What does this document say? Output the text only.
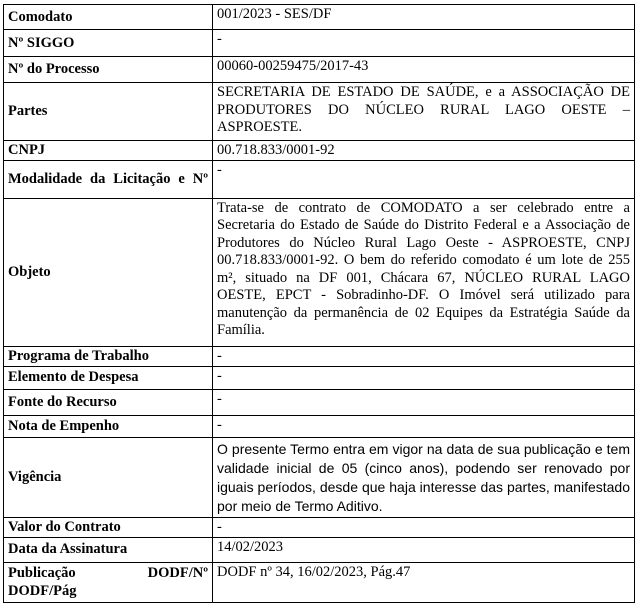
Comodato	001/2023 - SES/DF
Nº SIGGO	-
Nº do Processo	00060-00259475/2017-43
Partes	SECRETARIA DE ESTADO DE SAÚDE, e a ASSOCIAÇÃO DE PRODUTORES DO NÚCLEO RURAL LAGO OESTE – ASPROESTE.
CNPJ	00.718.833/0001-92
Modalidade da Licitação e Nº	-
Objeto	Trata-se de contrato de COMODATO a ser celebrado entre a Secretaria do Estado de Saúde do Distrito Federal e a Associação de Produtores do Núcleo Rural Lago Oeste - ASPROESTE, CNPJ 00.718.833/0001-92. O bem do referido comodato é um lote de 255 m², situado na DF 001, Chácara 67, NÚCLEO RURAL LAGO OESTE, EPCT - Sobradinho-DF. O Imóvel será utilizado para manutenção da permanência de 02 Equipes da Estratégia Saúde da Família.
Programa de Trabalho	-
Elemento de Despesa	-
Fonte do Recurso	-
Nota de Empenho	-
Vigência	O presente Termo entra em vigor na data de sua publicação e tem validade inicial de 05 (cinco anos), podendo ser renovado por iguais períodos, desde que haja interesse das partes, manifestado por meio de Termo Aditivo.
Valor do Contrato	-
Data da Assinatura	14/02/2023
Publicação DODF/Nº DODF/Pág	DODF nº 34, 16/02/2023, Pág.47
